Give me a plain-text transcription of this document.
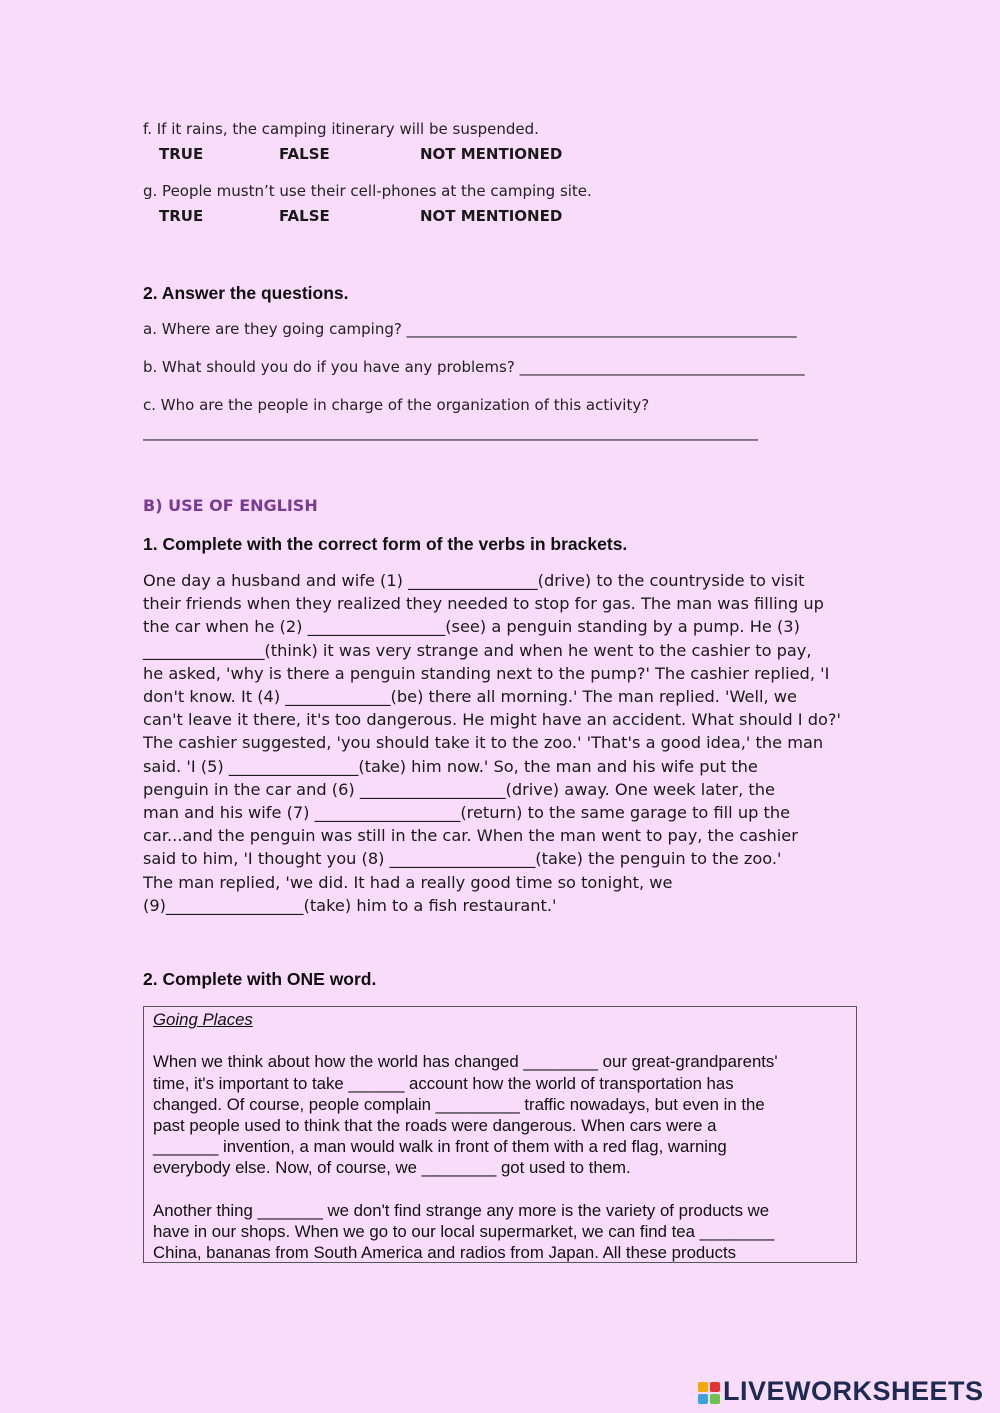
f. If it rains, the camping itinerary will be suspended.
TRUE	FALSE	NOT MENTIONED
g. People mustn’t use their cell-phones at the camping site.
TRUE	FALSE	NOT MENTIONED
2. Answer the questions.
a. Where are they going camping? ____________________________________________________
b. What should you do if you have any problems? ______________________________________
c. Who are the people in charge of the organization of this activity?
__________________________________________________________________________________
B) USE OF ENGLISH
1. Complete with the correct form of the verbs in brackets.
One day a husband and wife (1) ________________(drive) to the countryside to visit
their friends when they realized they needed to stop for gas. The man was filling up
the car when he (2) _________________(see) a penguin standing by a pump. He (3)
_______________(think) it was very strange and when he went to the cashier to pay,
he asked, 'why is there a penguin standing next to the pump?' The cashier replied, 'I
don't know. It (4) _____________(be) there all morning.' The man replied. 'Well, we
can't leave it there, it's too dangerous. He might have an accident. What should I do?'
The cashier suggested, 'you should take it to the zoo.' 'That's a good idea,' the man
said. 'I (5) ________________(take) him now.' So, the man and his wife put the
penguin in the car and (6) __________________(drive) away. One week later, the
man and his wife (7) __________________(return) to the same garage to fill up the
car...and the penguin was still in the car. When the man went to pay, the cashier
said to him, 'I thought you (8) __________________(take) the penguin to the zoo.'
The man replied, 'we did. It had a really good time so tonight, we
(9)_________________(take) him to a fish restaurant.'
2. Complete with ONE word.
Going Places

When we think about how the world has changed ________ our great-grandparents'
time, it's important to take ______ account how the world of transportation has
changed. Of course, people complain _________ traffic nowadays, but even in the
past people used to think that the roads were dangerous. When cars were a
_______ invention, a man would walk in front of them with a red flag, warning
everybody else. Now, of course, we ________ got used to them.

Another thing _______ we don't find strange any more is the variety of products we
have in our shops. When we go to our local supermarket, we can find tea ________
China, bananas from South America and radios from Japan. All these products
LIVEWORKSHEETS
